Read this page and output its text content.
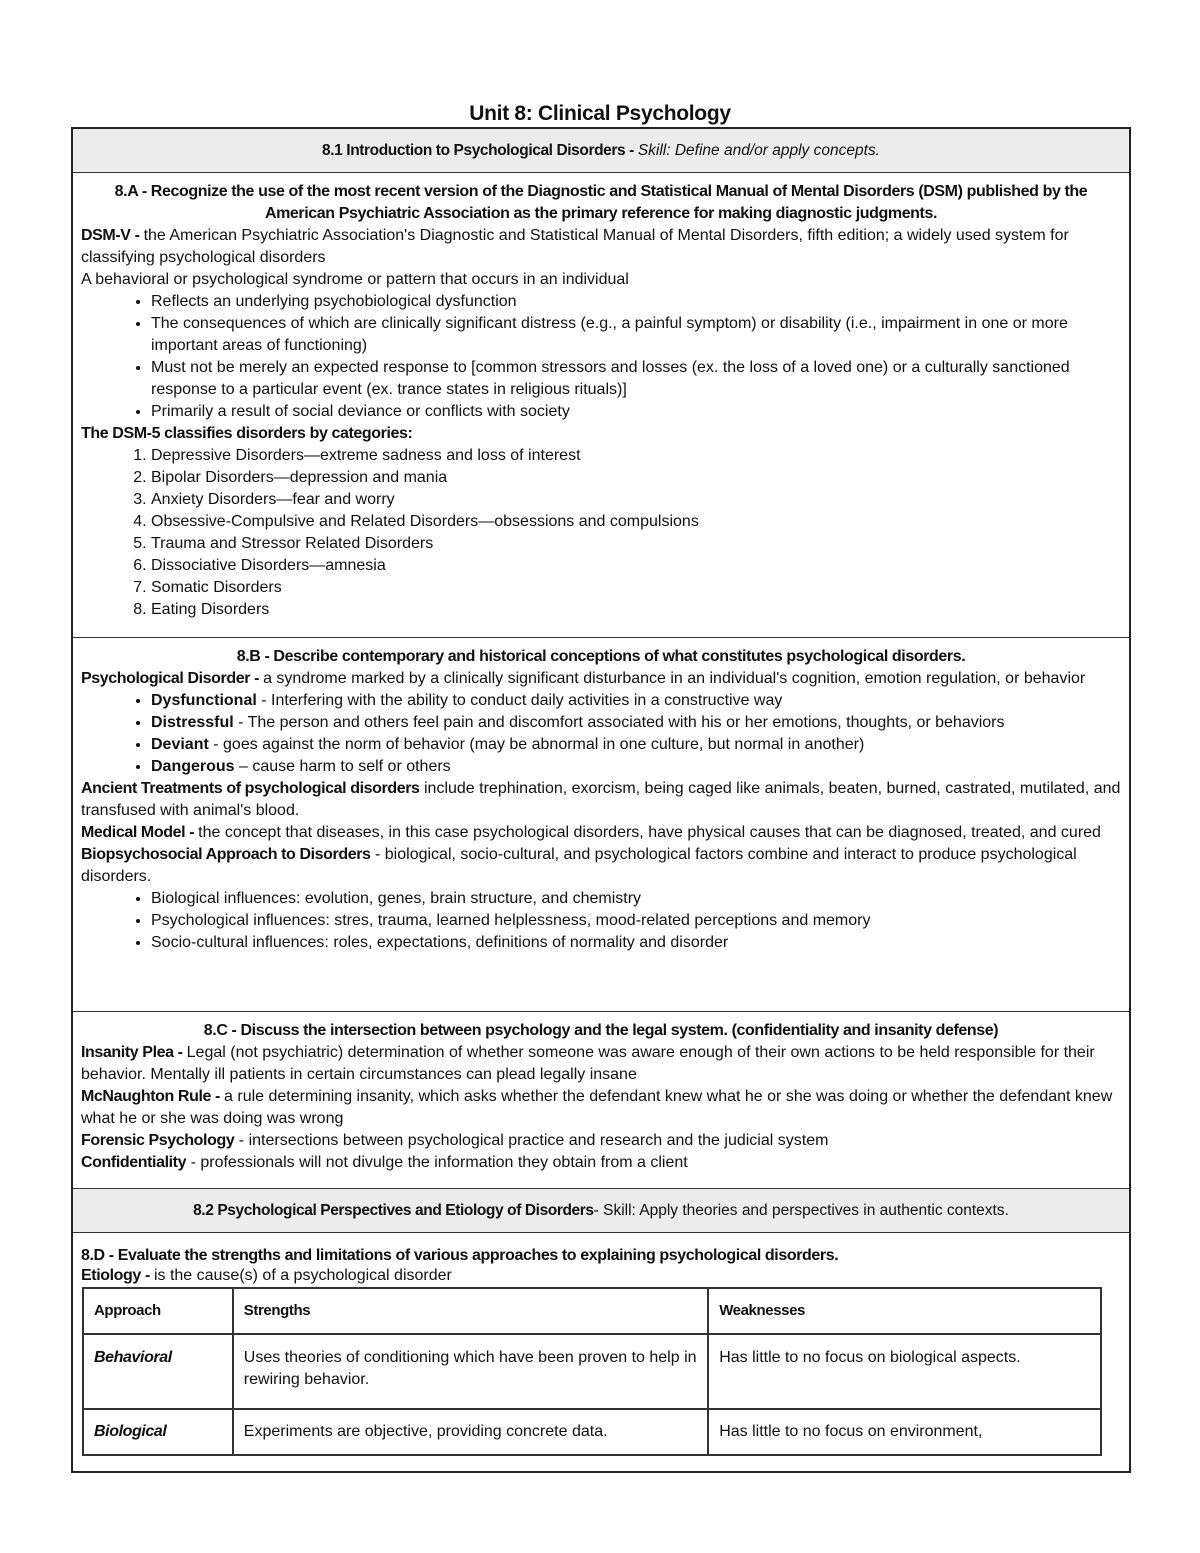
Unit 8: Clinical Psychology
8.1 Introduction to Psychological Disorders - Skill: Define and/or apply concepts.
8.A - Recognize the use of the most recent version of the Diagnostic and Statistical Manual of Mental Disorders (DSM) published by the American Psychiatric Association as the primary reference for making diagnostic judgments.

DSM-V - the American Psychiatric Association's Diagnostic and Statistical Manual of Mental Disorders, fifth edition; a widely used system for classifying psychological disorders

A behavioral or psychological syndrome or pattern that occurs in an individual

• Reflects an underlying psychobiological dysfunction
• The consequences of which are clinically significant distress (e.g., a painful symptom) or disability (i.e., impairment in one or more important areas of functioning)
• Must not be merely an expected response to [common stressors and losses (ex. the loss of a loved one) or a culturally sanctioned response to a particular event (ex. trance states in religious rituals)]
• Primarily a result of social deviance or conflicts with society

The DSM-5 classifies disorders by categories:

1. Depressive Disorders—extreme sadness and loss of interest
2. Bipolar Disorders—depression and mania
3. Anxiety Disorders—fear and worry
4. Obsessive-Compulsive and Related Disorders—obsessions and compulsions
5. Trauma and Stressor Related Disorders
6. Dissociative Disorders—amnesia
7. Somatic Disorders
8. Eating Disorders
8.B - Describe contemporary and historical conceptions of what constitutes psychological disorders.

Psychological Disorder - a syndrome marked by a clinically significant disturbance in an individual's cognition, emotion regulation, or behavior

• Dysfunctional - Interfering with the ability to conduct daily activities in a constructive way
• Distressful - The person and others feel pain and discomfort associated with his or her emotions, thoughts, or behaviors
• Deviant - goes against the norm of behavior (may be abnormal in one culture, but normal in another)
• Dangerous – cause harm to self or others

Ancient Treatments of psychological disorders include trephination, exorcism, being caged like animals, beaten, burned, castrated, mutilated, and transfused with animal's blood.

Medical Model - the concept that diseases, in this case psychological disorders, have physical causes that can be diagnosed, treated, and cured

Biopsychosocial Approach to Disorders - biological, socio-cultural, and psychological factors combine and interact to produce psychological disorders.

• Biological influences: evolution, genes, brain structure, and chemistry
• Psychological influences: stres, trauma, learned helplessness, mood-related perceptions and memory
• Socio-cultural influences: roles, expectations, definitions of normality and disorder
8.C - Discuss the intersection between psychology and the legal system. (confidentiality and insanity defense)

Insanity Plea - Legal (not psychiatric) determination of whether someone was aware enough of their own actions to be held responsible for their behavior. Mentally ill patients in certain circumstances can plead legally insane

McNaughton Rule - a rule determining insanity, which asks whether the defendant knew what he or she was doing or whether the defendant knew what he or she was doing was wrong

Forensic Psychology - intersections between psychological practice and research and the judicial system

Confidentiality - professionals will not divulge the information they obtain from a client

8.2 Psychological Perspectives and Etiology of Disorders- Skill: Apply theories and perspectives in authentic contexts.

8.D - Evaluate the strengths and limitations of various approaches to explaining psychological disorders.

Etiology - is the cause(s) of a psychological disorder

Approach	Strengths	Weaknesses
Behavioral	Uses theories of conditioning which have been proven to help in rewiring behavior.	Has little to no focus on biological aspects.
Biological	Experiments are objective, providing concrete data.	Has little to no focus on environment,
